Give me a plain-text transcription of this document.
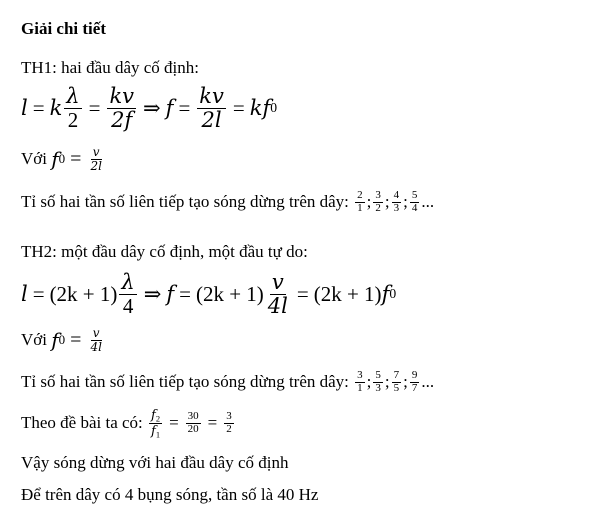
Giải chi tiết
TH1: hai đầu dây cố định:
l = k $\frac{\lambda}{2} = \frac{kv}{2f}$ ⇒ $f = \frac{kv}{2l}$ = kf 0
Với
f $0 = \frac{v}{2l}$
Tỉ số hai tần số liên tiếp tạo sóng dừng trên dây:
$\frac{2}{1}$ ; $\frac{3}{2}$ ; $\frac{4}{3}$ ; $\frac{5}{4}$ ...
TH2: một đầu dây cố định, một đầu tự do:
$l = (2k + 1) \frac{\lambda}{4}$ ⇒ $f = (2k + 1) \frac{v}{4l} = (2k + 1)$ f 0
Với
f $0 = \frac{v}{4l}$
Tỉ số hai tần số liên tiếp tạo sóng dừng trên dây:
$\frac{3}{1}$ ; $\frac{5}{3}$ ; $\frac{7}{5}$ ; $\frac{9}{7}$ ...
Theo đề bài ta có:
$\frac{f_2}{f_1} = \frac{30}{20} = \frac{3}{2}$
Vậy sóng dừng với hai đầu dây cố định
Để trên dây có 4 bụng sóng, tần số là 40 Hz
